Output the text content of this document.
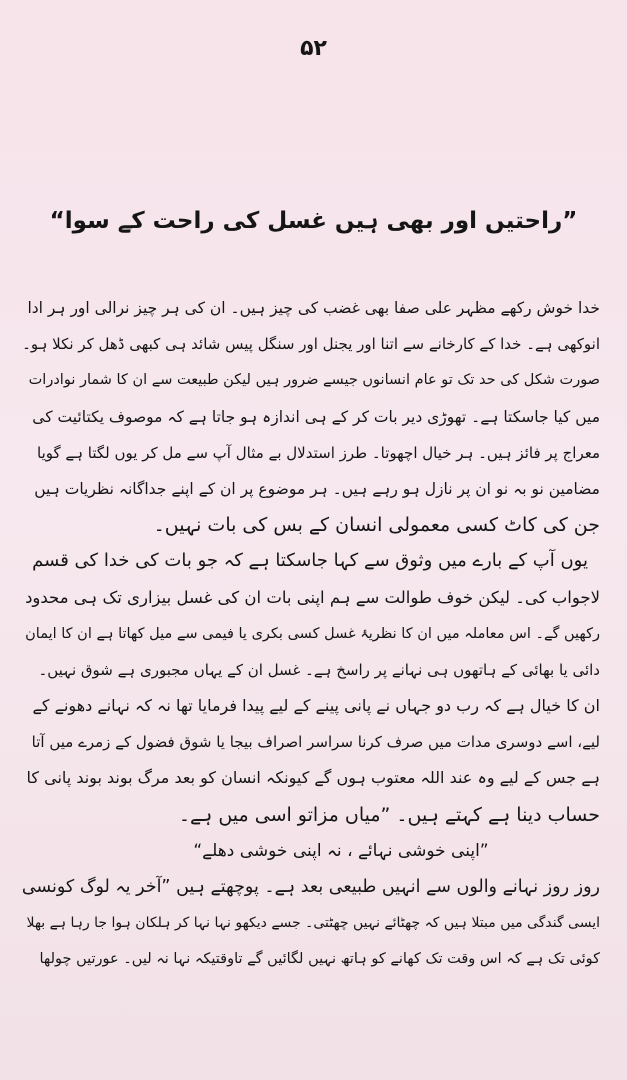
۵۲
”راحتیں اور بھی ہیں غسل کی راحت کے سوا“
خدا خوش رکھے مظہر علی صفا بھی غضب کی چیز ہیں۔ ان کی ہر چیز نرالی اور ہر ادا
انوکھی ہے۔ خدا کے کارخانے سے اتنا اور یجنل اور سنگل پیس شائد ہی کبھی ڈھل کر نکلا ہو۔
صورت شکل کی حد تک تو عام انسانوں جیسے ضرور ہیں لیکن طبیعت سے ان کا شمار نوادرات
میں کیا جاسکتا ہے۔ تھوڑی دیر بات کر کے ہی اندازہ ہو جاتا ہے کہ موصوف یکتائیت کی
معراج پر فائز ہیں۔ ہر خیال اچھوتا۔ طرز استدلال بے مثال آپ سے مل کر یوں لگتا ہے گویا
مضامین نو بہ نو ان پر نازل ہو رہے ہیں۔ ہر موضوع پر ان کے اپنے جداگانہ نظریات ہیں
جن کی کاٹ کسی معمولی انسان کے بس کی بات نہیں۔
یوں آپ کے بارے میں وثوق سے کہا جاسکتا ہے کہ جو بات کی خدا کی قسم
لاجواب کی۔ لیکن خوف طوالت سے ہم اپنی بات ان کی غسل بیزاری تک ہی محدود
رکھیں گے۔ اس معاملہ میں ان کا نظریۂ غسل کسی بکری یا فیمی سے میل کھاتا ہے ان کا ایمان
دائی یا بھائی کے ہاتھوں ہی نہانے پر راسخ ہے۔ غسل ان کے یہاں مجبوری ہے شوق نہیں۔
ان کا خیال ہے کہ رب دو جہاں نے پانی پینے کے لیے پیدا فرمایا تھا نہ کہ نہانے دھونے کے
لیے، اسے دوسری مدات میں صرف کرنا سراسر اصراف بیجا یا شوق فضول کے زمرے میں آتا
ہے جس کے لیے وہ عند اللہ معتوب ہوں گے کیونکہ انسان کو بعد مرگ بوند بوند پانی کا
حساب دینا ہے کہتے ہیں۔ ”میاں مزاتو اسی میں ہے۔
”اپنی خوشی نہائے ، نہ اپنی خوشی دھلے“
روز روز نہانے والوں سے انہیں طبیعی بعد ہے۔ پوچھتے ہیں ”آخر یہ لوگ کونسی
ایسی گندگی میں مبتلا ہیں کہ چھٹائے نہیں چھٹتی۔ جسے دیکھو نہا نہا کر ہلکان ہوا جا رہا ہے بھلا
کوئی تک ہے کہ اس وقت تک کھانے کو ہاتھ نہیں لگائیں گے تاوقتیکہ نہا نہ لیں۔ عورتیں چولھا
